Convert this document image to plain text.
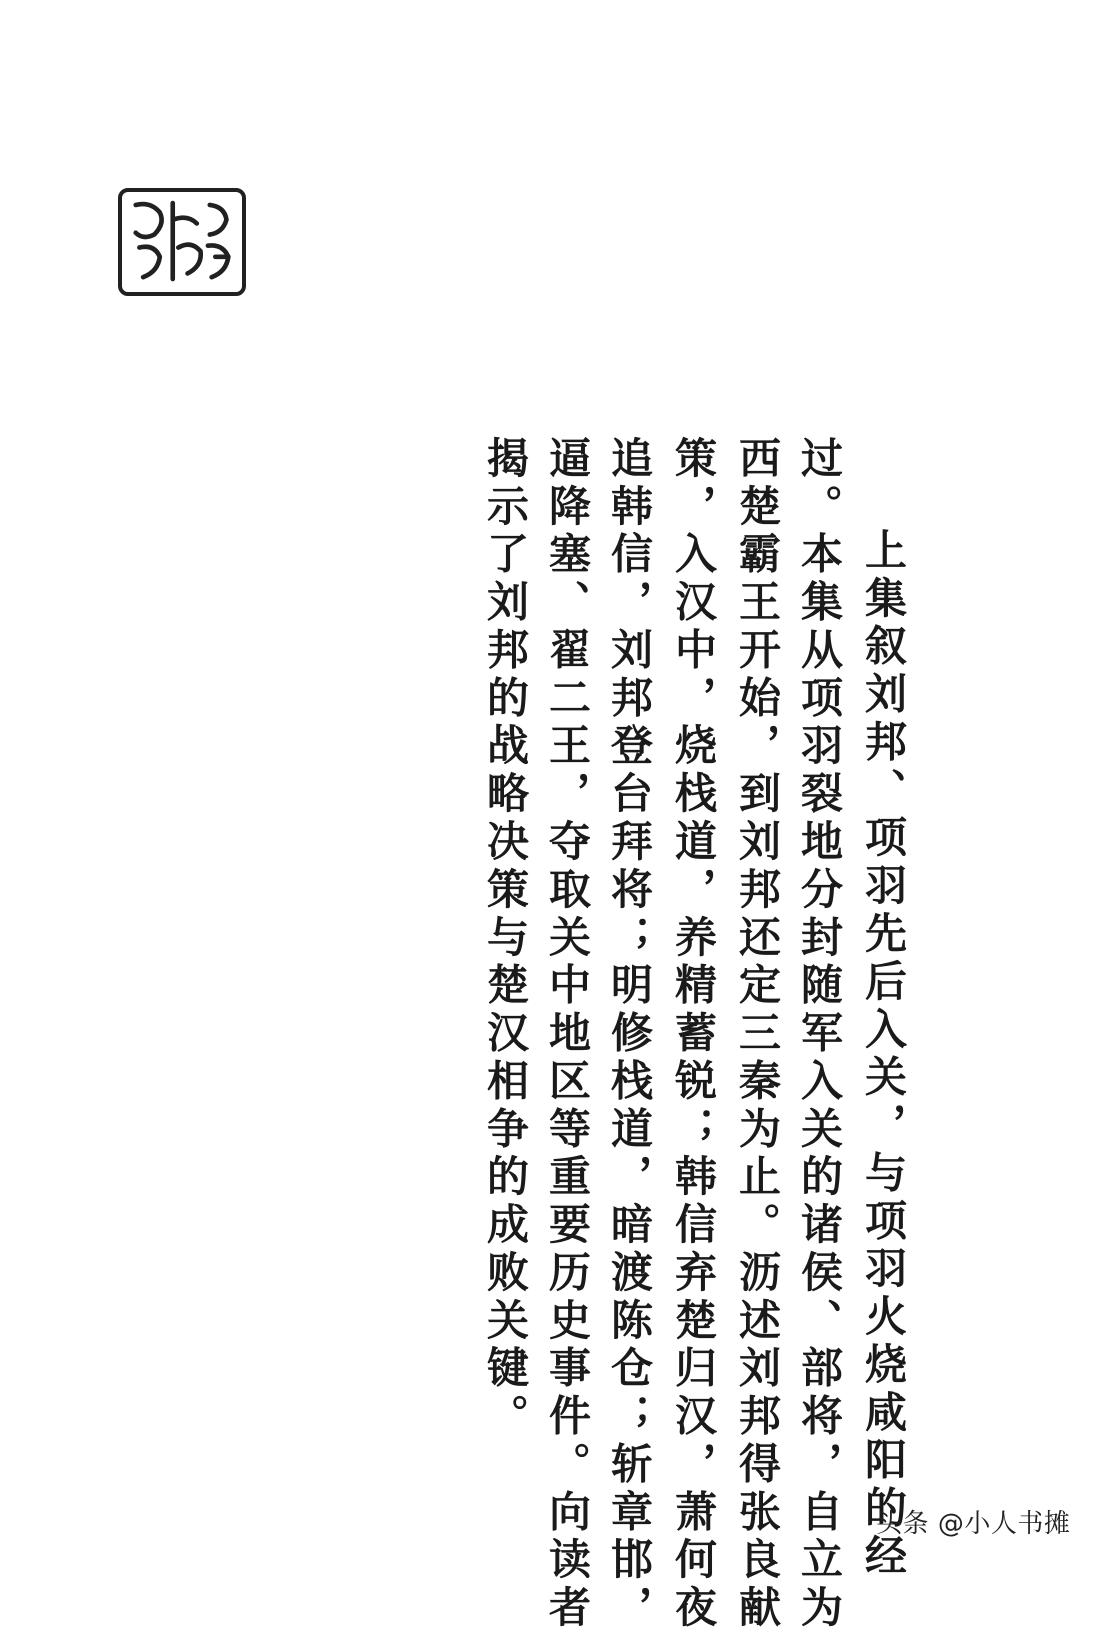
上集叙刘邦、项羽先后入关，与项羽火烧咸阳的经
过。本集从项羽裂地分封随军入关的诸侯、部将，自立为
西楚霸王开始，到刘邦还定三秦为止。沥述刘邦得张良献
策，入汉中，烧栈道，养精蓄锐；韩信弃楚归汉，萧何夜
追韩信，刘邦登台拜将；明修栈道，暗渡陈仓；斩章邯，
逼降塞、翟二王，夺取关中地区等重要历史事件。向读者
揭示了刘邦的战略决策与楚汉相争的成败关键。
头条 @小人书摊
